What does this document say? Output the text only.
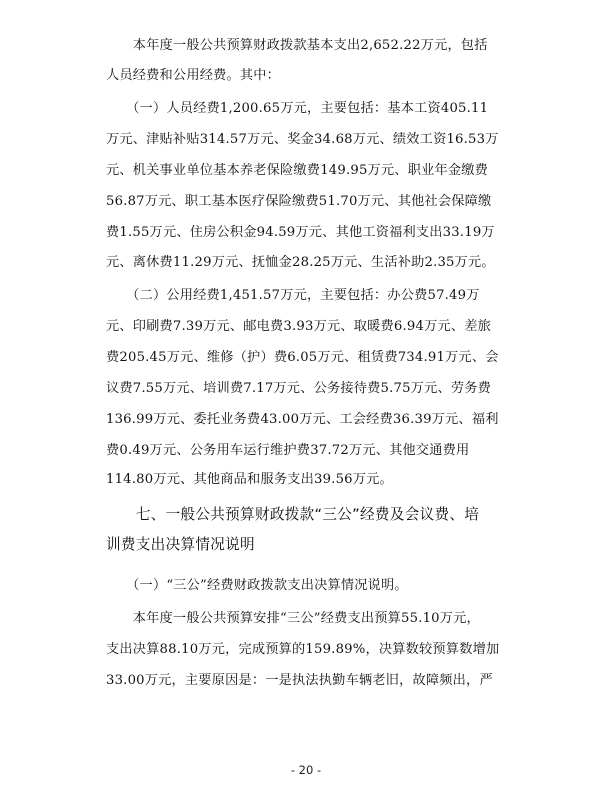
　　本年度一般公共预算财政拨款基本支出2,652.22万元，包括
人员经费和公用经费。其中：
　　（一）人员经费1,200.65万元，主要包括：基本工资405.11
万元、津贴补贴314.57万元、奖金34.68万元、绩效工资16.53万
元、机关事业单位基本养老保险缴费149.95万元、职业年金缴费
56.87万元、职工基本医疗保险缴费51.70万元、其他社会保障缴
费1.55万元、住房公积金94.59万元、其他工资福利支出33.19万
元、离休费11.29万元、抚恤金28.25万元、生活补助2.35万元。
　　（二）公用经费1,451.57万元，主要包括：办公费57.49万
元、印刷费7.39万元、邮电费3.93万元、取暖费6.94万元、差旅
费205.45万元、维修（护）费6.05万元、租赁费734.91万元、会
议费7.55万元、培训费7.17万元、公务接待费5.75万元、劳务费
136.99万元、委托业务费43.00万元、工会经费36.39万元、福利
费0.49万元、公务用车运行维护费37.72万元、其他交通费用
114.80万元、其他商品和服务支出39.56万元。
　　七、一般公共预算财政拨款“三公”经费及会议费、培
训费支出决算情况说明
　　（一）“三公”经费财政拨款支出决算情况说明。
　　本年度一般公共预算安排“三公”经费支出预算55.10万元，
支出决算88.10万元，完成预算的159.89%，决算数较预算数增加
33.00万元，主要原因是：一是执法执勤车辆老旧，故障频出，严
- 20 -
